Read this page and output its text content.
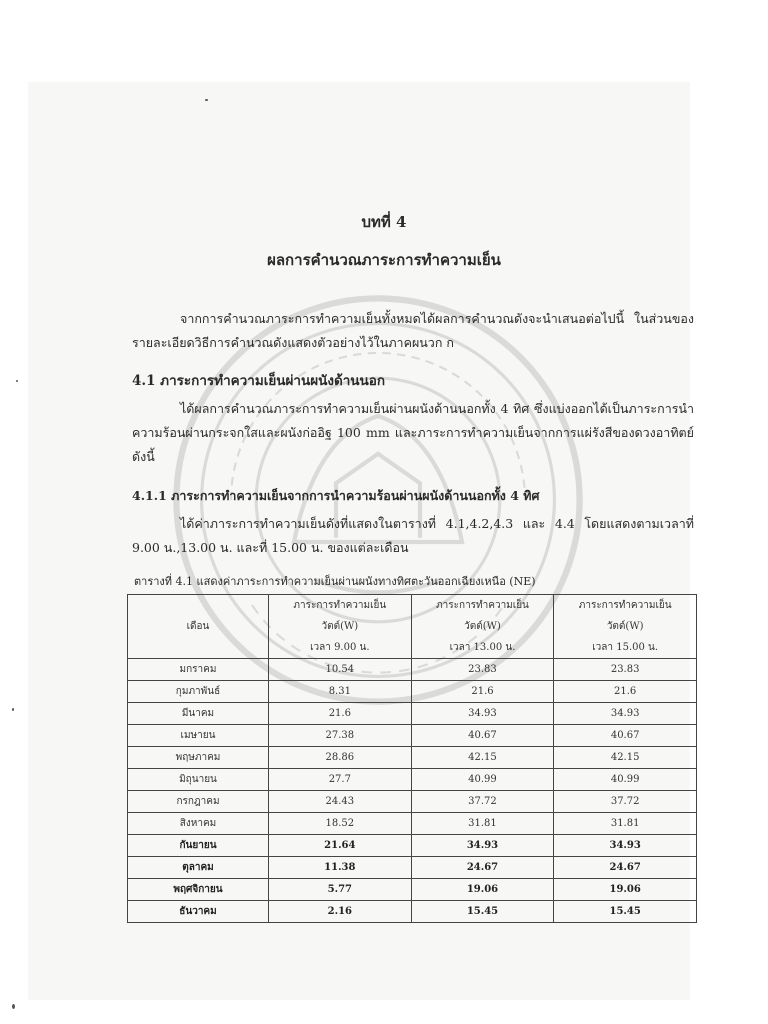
บทที่ 4
ผลการคำนวณภาระการทำความเย็น

จากการคำนวณภาระการทำความเย็นทั้งหมดได้ผลการคำนวณดังจะนำเสนอต่อไปนี้ ในส่วนของรายละเอียดวิธีการคำนวณดังแสดงตัวอย่างไว้ในภาคผนวก ก

4.1 ภาระการทำความเย็นผ่านผนังด้านนอก

ได้ผลการคำนวณภาระการทำความเย็นผ่านผนังด้านนอกทั้ง 4 ทิศ ซึ่งแบ่งออกได้เป็นภาระการนำความร้อนผ่านกระจกใสและผนังก่ออิฐ 100 mm และภาระการทำความเย็นจากการแผ่รังสีของดวงอาทิตย์ดังนี้

4.1.1 ภาระการทำความเย็นจากการนำความร้อนผ่านผนังด้านนอกทั้ง 4 ทิศ

ได้ค่าภาระการทำความเย็นดังที่แสดงในตารางที่ 4.1,4.2,4.3 และ 4.4 โดยแสดงตามเวลาที่ 9.00 น.,13.00 น. และที่ 15.00 น. ของแต่ละเดือน

ตารางที่ 4.1 แสดงค่าภาระการทำความเย็นผ่านผนังทางทิศตะวันออกเฉียงเหนือ (NE)
เดือน	ภาระการทำความเย็น	ภาระการทำความเย็น	ภาระการทำความเย็น
	วัตต์(W)	วัตต์(W)	วัตต์(W)
	เวลา 9.00 น.	เวลา 13.00 น.	เวลา 15.00 น.
มกราคม	10.54	23.83	23.83
กุมภาพันธ์	8.31	21.6	21.6
มีนาคม	21.6	34.93	34.93
เมษายน	27.38	40.67	40.67
พฤษภาคม	28.86	42.15	42.15
มิถุนายน	27.7	40.99	40.99
กรกฎาคม	24.43	37.72	37.72
สิงหาคม	18.52	31.81	31.81
กันยายน	21.64	34.93	34.93
ตุลาคม	11.38	24.67	24.67
พฤศจิกายน	5.77	19.06	19.06
ธันวาคม	2.16	15.45	15.45
